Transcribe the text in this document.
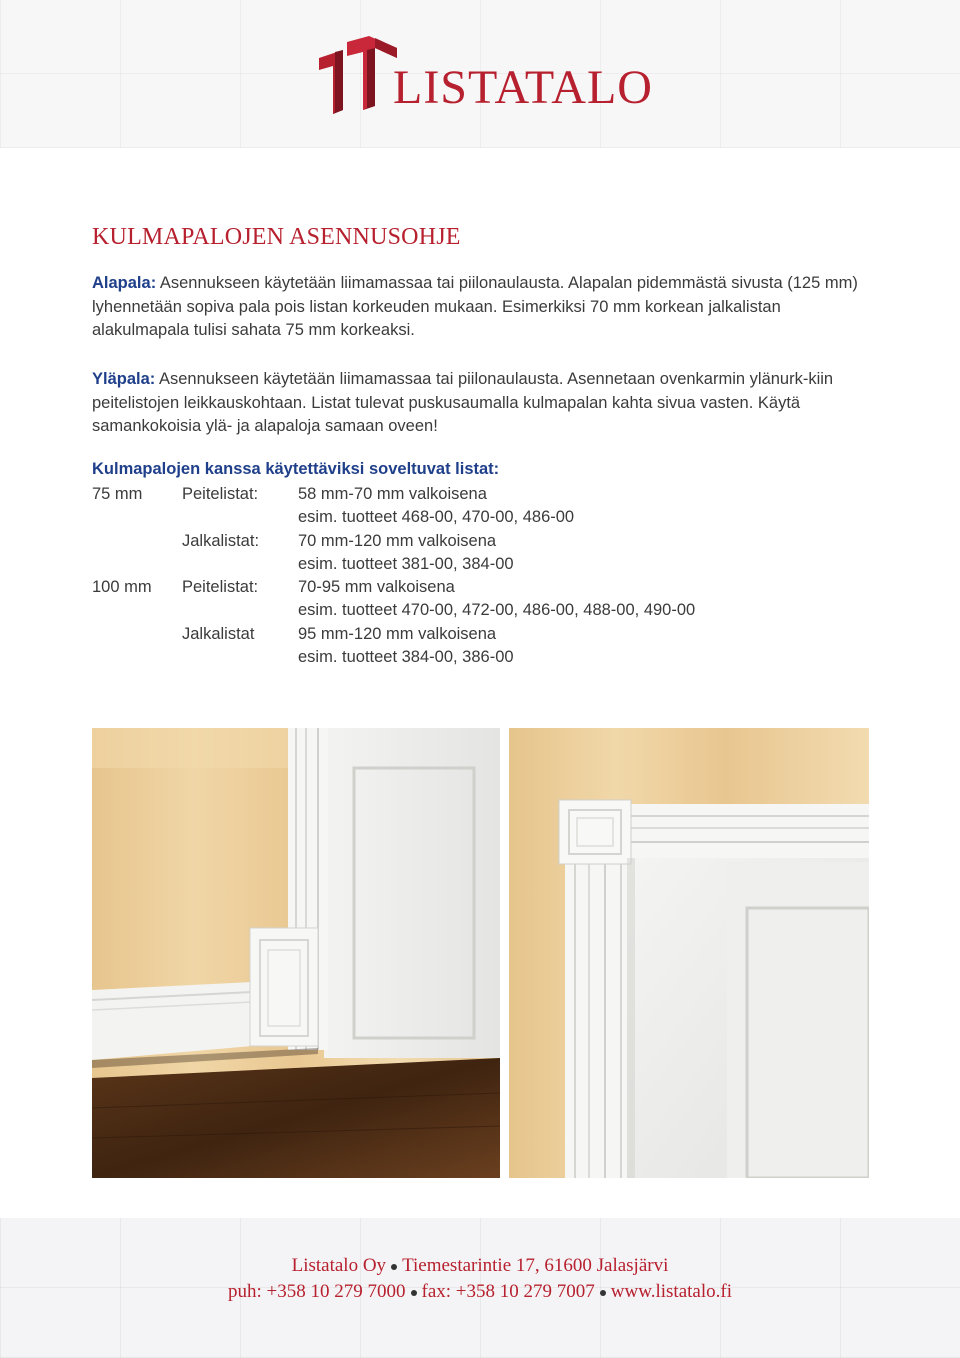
LISTATALO
KULMAPALOJEN ASENNUSOHJE
Alapala: Asennukseen käytetään liimamassaa tai piilonaulausta. Alapalan pidemmästä sivusta (125 mm) lyhennetään sopiva pala pois listan korkeuden mukaan. Esimerkiksi 70 mm korkean jalkalistan alakulmapala tulisi sahata 75 mm korkeaksi.
Yläpala: Asennukseen käytetään liimamassaa tai piilonaulausta. Asennetaan ovenkarmin ylänurk-kiin peitelistojen leikkauskohtaan. Listat tulevat puskusaumalla kulmapalan kahta sivua vasten. Käytä samankokoisia ylä- ja alapaloja samaan oveen!
Kulmapalojen kanssa käytettäviksi soveltuvat listat:
75 mm Peitelistat: 58 mm-70 mm valkoisena
esim. tuotteet 468-00, 470-00, 486-00
Jalkalistat: 70 mm-120 mm valkoisena
esim. tuotteet 381-00, 384-00
100 mm Peitelistat: 70-95 mm valkoisena
esim. tuotteet 470-00, 472-00, 486-00, 488-00, 490-00
Jalkalistat	95 mm-120 mm valkoisena
esim. tuotteet 384-00, 386-00
Listatalo Oy Tiemestarintie 17, 61600 Jalasjärvi
puh: +358 10 279 7000 fax: +358 10 279 7007 www.listatalo.fi
